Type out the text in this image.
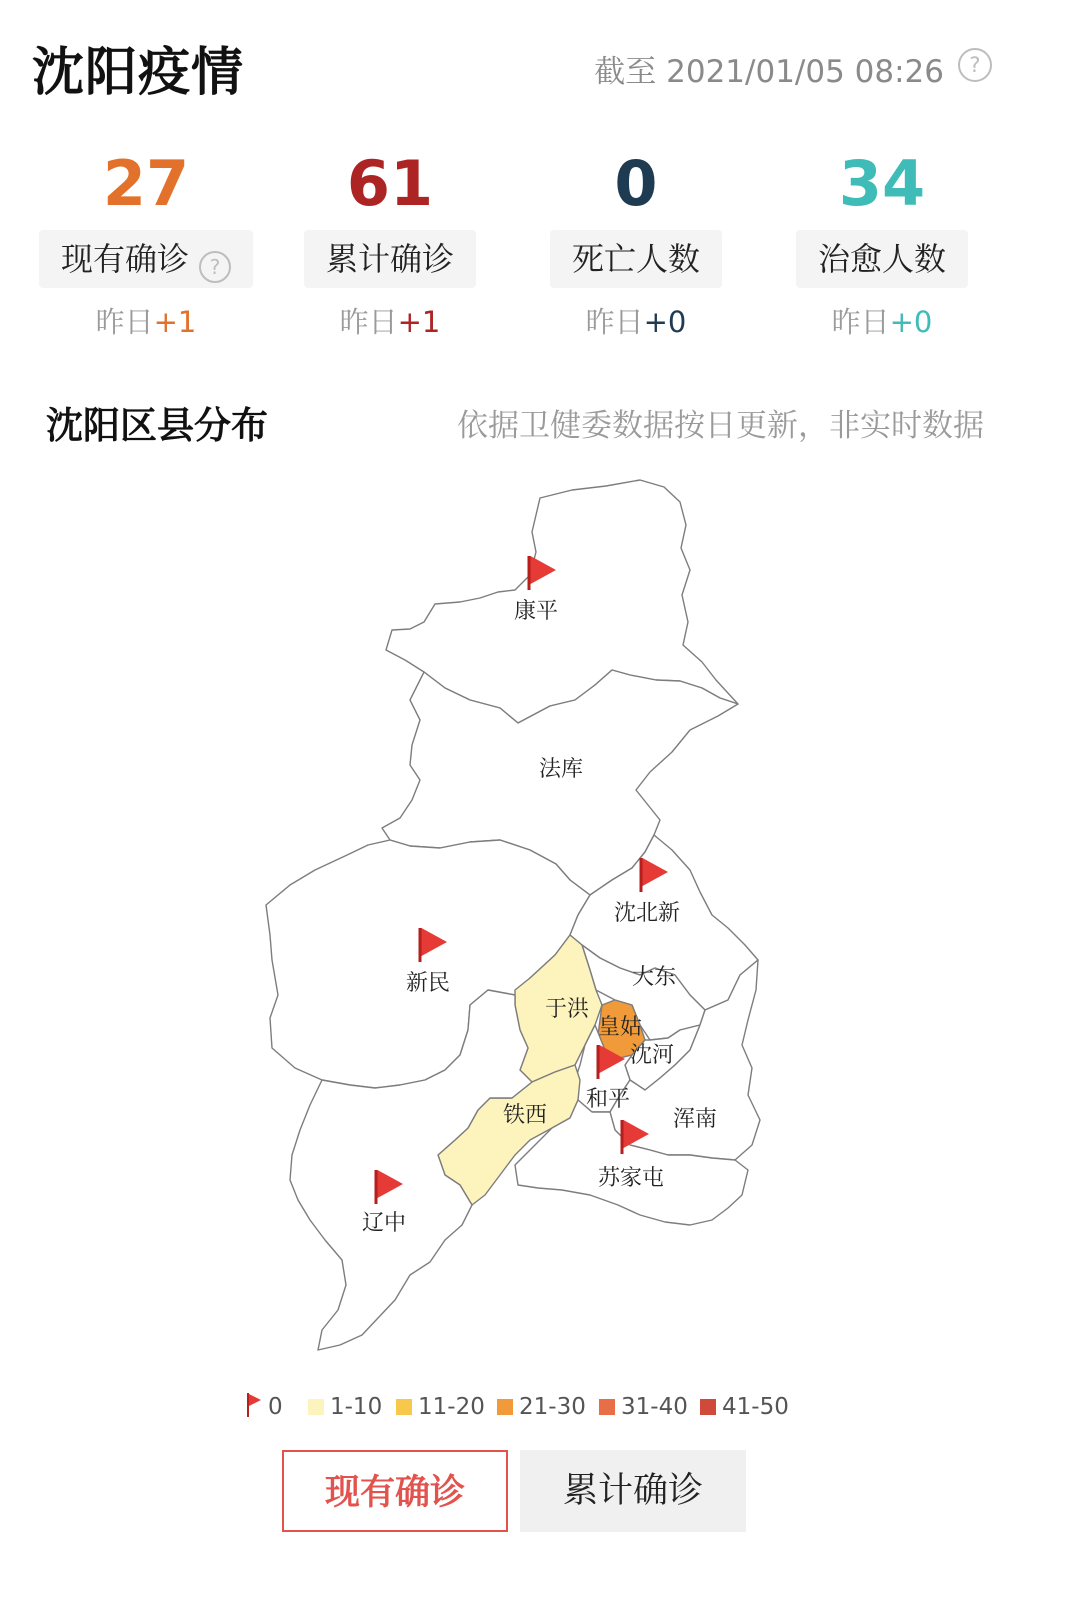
沈阳疫情	截至 2021/01/05 08:26	?
27
现有确诊 ?
昨日+1
61
累计确诊
昨日+1
0
死亡人数
昨日+0
34
治愈人数
昨日+0
沈阳区县分布	依据卫健委数据按日更新，非实时数据
康平
法库
沈北新
新民	大东
于洪
皇姑
沈河
和平
铁西	浑南
苏家屯
辽中
0	1-10	11-20	21-30	31-40	41-50
现有确诊	累计确诊
